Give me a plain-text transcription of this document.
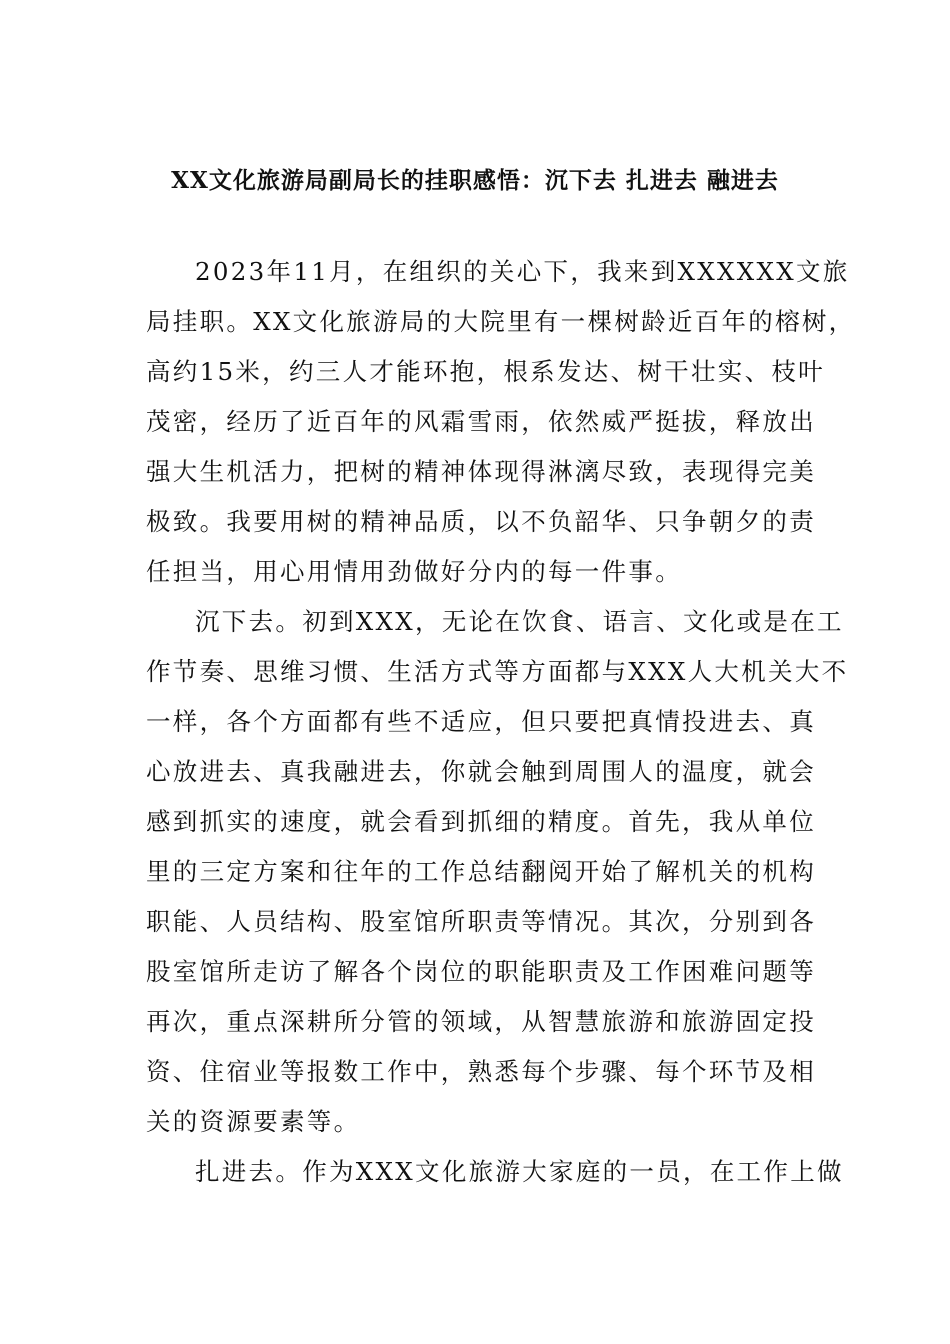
XX文化旅游局副局长的挂职感悟：沉下去 扎进去 融进去
2023年11月，在组织的关心下，我来到XXXXXX文旅
局挂职。XX文化旅游局的大院里有一棵树龄近百年的榕树，
高约15米，约三人才能环抱，根系发达、树干壮实、枝叶
茂密，经历了近百年的风霜雪雨，依然威严挺拔，释放出
强大生机活力，把树的精神体现得淋漓尽致，表现得完美
极致。我要用树的精神品质，以不负韶华、只争朝夕的责
任担当，用心用情用劲做好分内的每一件事。
沉下去。初到XXX，无论在饮食、语言、文化或是在工
作节奏、思维习惯、生活方式等方面都与XXX人大机关大不
一样，各个方面都有些不适应，但只要把真情投进去、真
心放进去、真我融进去，你就会触到周围人的温度，就会
感到抓实的速度，就会看到抓细的精度。首先，我从单位
里的三定方案和往年的工作总结翻阅开始了解机关的机构
职能、人员结构、股室馆所职责等情况。其次，分别到各
股室馆所走访了解各个岗位的职能职责及工作困难问题等
再次，重点深耕所分管的领域，从智慧旅游和旅游固定投
资、住宿业等报数工作中，熟悉每个步骤、每个环节及相
关的资源要素等。
扎进去。作为XXX文化旅游大家庭的一员，在工作上做
